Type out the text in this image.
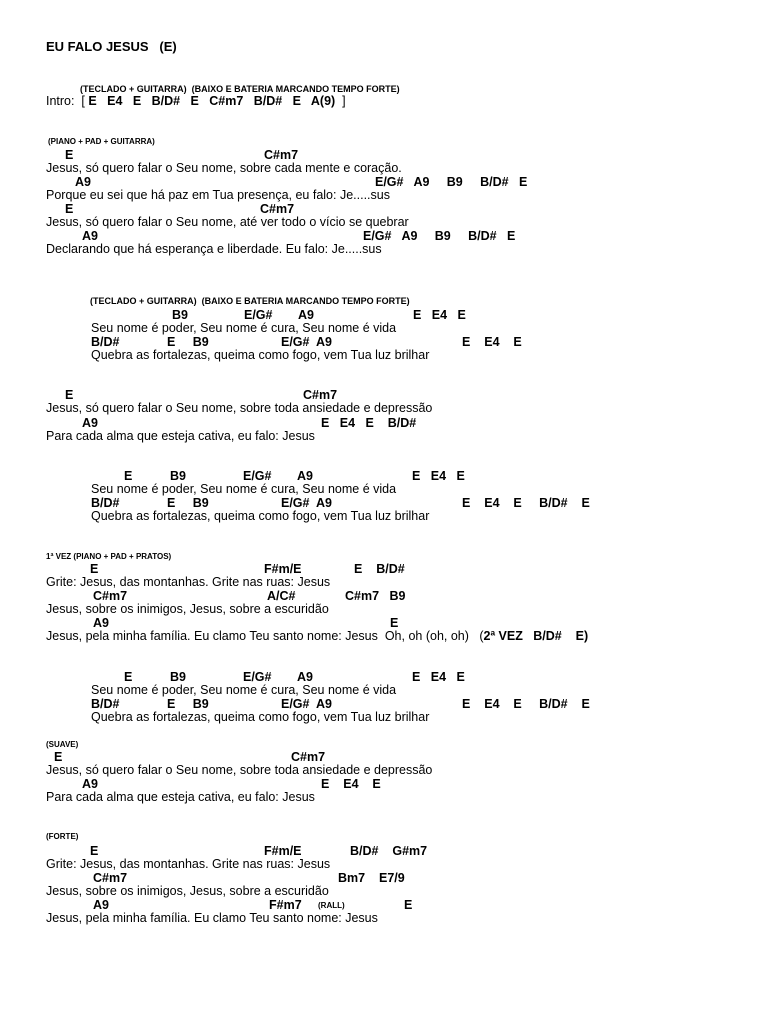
EU FALO JESUS   (E)
(TECLADO + GUITARRA)  (BAIXO E BATERIA MARCANDO TEMPO FORTE)
Intro:  [ E   E4   E   B/D#   E   C#m7   B/D#   E   A(9)  ]
(PIANO + PAD + GUITARRA)
E	C#m7
Jesus, só quero falar o Seu nome, sobre cada mente e coração.
A9	E/G#   A9     B9     B/D#   E
Porque eu sei que há paz em Tua presença, eu falo: Je.....sus
E	C#m7
Jesus, só quero falar o Seu nome, até ver todo o vício se quebrar
A9	E/G#   A9     B9     B/D#   E
Declarando que há esperança e liberdade. Eu falo: Je.....sus
(TECLADO + GUITARRA)  (BAIXO E BATERIA MARCANDO TEMPO FORTE)
B9	E/G# A9	E   E4   E
Seu nome é poder, Seu nome é cura, Seu nome é vida
B/D#	E     B9	E/G#  A9	E    E4    E
Quebra as fortalezas, queima como fogo, vem Tua luz brilhar
E	C#m7
Jesus, só quero falar o Seu nome, sobre toda ansiedade e depressão
A9	E   E4   E    B/D#
Para cada alma que esteja cativa, eu falo: Jesus
E	B9	E/G# A9	E   E4   E
Seu nome é poder, Seu nome é cura, Seu nome é vida
B/D#	E     B9	E/G#  A9	E    E4    E     B/D#    E
Quebra as fortalezas, queima como fogo, vem Tua luz brilhar
1ª VEZ (PIANO + PAD + PRATOS)
E	F#m/E	E    B/D#
Grite: Jesus, das montanhas. Grite nas ruas: Jesus
C#m7	A/C#	C#m7   B9
Jesus, sobre os inimigos, Jesus, sobre a escuridão
A9	E
Jesus, pela minha família. Eu clamo Teu santo nome: Jesus  Oh, oh (oh, oh)   (2ª VEZ   B/D#    E)
E	B9	E/G# A9	E   E4   E
Seu nome é poder, Seu nome é cura, Seu nome é vida
B/D#	E     B9	E/G#  A9	E    E4    E     B/D#    E
Quebra as fortalezas, queima como fogo, vem Tua luz brilhar
(SUAVE)
E	C#m7
Jesus, só quero falar o Seu nome, sobre toda ansiedade e depressão
A9	E    E4    E
Para cada alma que esteja cativa, eu falo: Jesus
(FORTE)
E	F#m/E	B/D#    G#m7
Grite: Jesus, das montanhas. Grite nas ruas: Jesus
C#m7	Bm7    E7/9
Jesus, sobre os inimigos, Jesus, sobre a escuridão
A9	F#m7 (RALL)	E
Jesus, pela minha família. Eu clamo Teu santo nome: Jesus
